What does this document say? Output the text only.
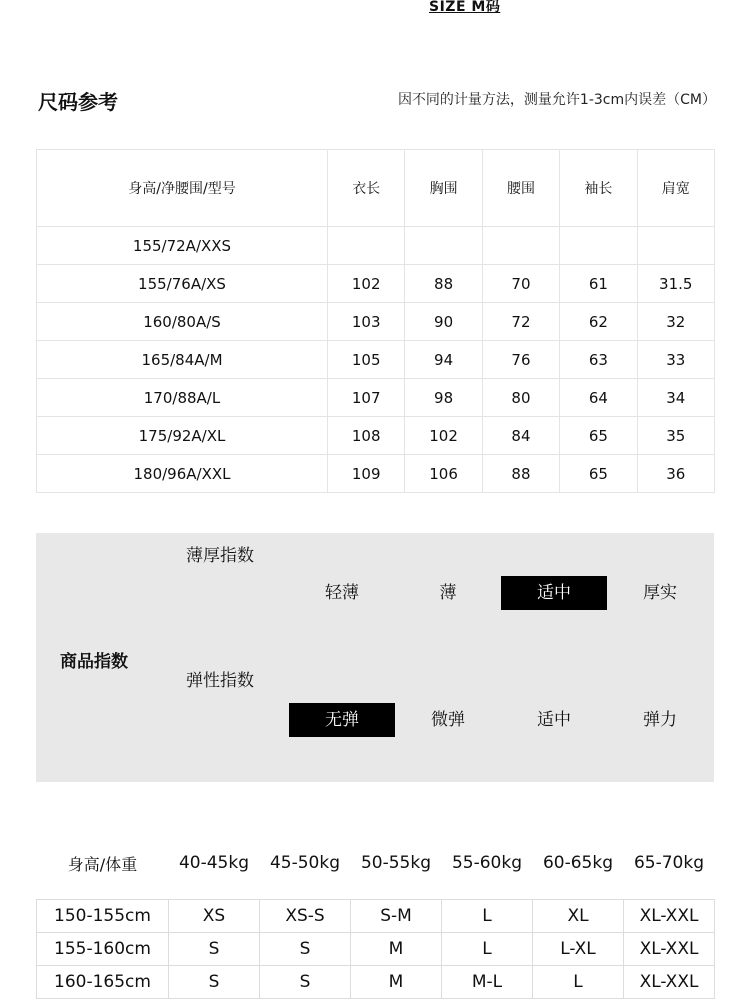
SIZE M码
尺码参考	因不同的计量方法，测量允许1-3cm内误差（CM）
身高/净腰围/型号	衣长	胸围	腰围	袖长	肩宽
155/72A/XXS					
155/76A/XS	102	88	70	61	31.5
160/80A/S	103	90	72	62	32
165/84A/M	105	94	76	63	33
170/88A/L	107	98	80	64	34
175/92A/XL	108	102	84	65	35
180/96A/XXL	109	106	88	65	36
商品指数
薄厚指数
轻薄	薄	适中	厚实
弹性指数
无弹	微弹	适中	弹力
身高/体重	40-45kg	45-50kg	50-55kg	55-60kg	60-65kg	65-70kg
150-155cm	XS	XS-S	S-M	L	XL	XL-XXL
155-160cm	S	S	M	L	L-XL	XL-XXL
160-165cm	S	S	M	M-L	L	XL-XXL
